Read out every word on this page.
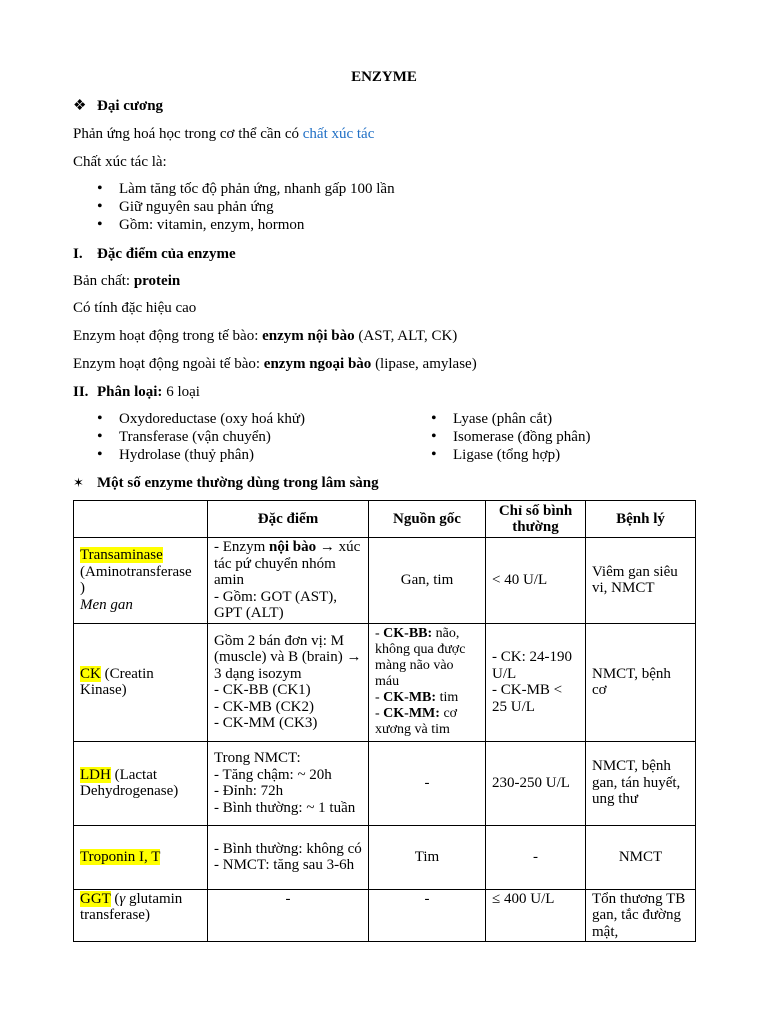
ENZYME
❖ Đại cương
Phản ứng hoá học trong cơ thể cần có chất xúc tác
Chất xúc tác là:
• Làm tăng tốc độ phản ứng, nhanh gấp 100 lần
• Giữ nguyên sau phản ứng
• Gồm: vitamin, enzym, hormon
I. Đặc điểm của enzyme
Bản chất: protein
Có tính đặc hiệu cao
Enzym hoạt động trong tế bào: enzym nội bào (AST, ALT, CK)
Enzym hoạt động ngoài tế bào: enzym ngoại bào (lipase, amylase)
II. Phân loại: 6 loại
• Oxydoreductase (oxy hoá khử)
• Transferase (vận chuyển)
• Hydrolase (thuỷ phân)
• Lyase (phân cắt)
• Isomerase (đồng phân)
• Ligase (tổng hợp)
✶ Một số enzyme thường dùng trong lâm sàng
	Đặc điểm	Nguồn gốc	Chỉ số bình thường	Bệnh lý
Transaminase
(Aminotransferase
)
Men gan	- Enzym nội bào → xúc tác pứ chuyển nhóm amin
- Gồm: GOT (AST), GPT (ALT)	Gan, tim	< 40 U/L	Viêm gan siêu vi, NMCT
CK (Creatin Kinase)	Gồm 2 bán đơn vị: M (muscle) và B (brain) → 3 dạng isozym
- CK-BB (CK1)
- CK-MB (CK2)
- CK-MM (CK3)	- CK-BB: não, không qua được màng não vào máu
- CK-MB: tim
- CK-MM: cơ xương và tim	- CK: 24-190 U/L
- CK-MB < 25 U/L	NMCT, bệnh cơ
LDH (Lactat Dehydrogenase)	Trong NMCT:
- Tăng chậm: ~ 20h
- Đỉnh: 72h
- Bình thường: ~ 1 tuần	-	230-250 U/L	NMCT, bệnh gan, tán huyết, ung thư
Troponin I, T	- Bình thường: không có
- NMCT: tăng sau 3-6h	Tim	-	NMCT
GGT (γ glutamin transferase)	-	-	≤ 400 U/L	Tổn thương TB gan, tắc đường mật,
